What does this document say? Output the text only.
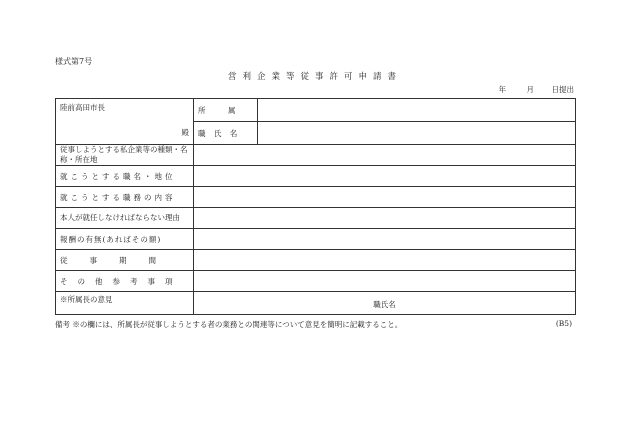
様式第7号
営利企業等従事許可申請書
年	月	日提出
陸前高田市長
殿	所 属	
	職 氏 名	
従事しようとする私企業等の種類・名称・所在地		
就こうとする職名・地位		
就こうとする職務の内容		
本人が就任しなければならない理由		
報酬の有無(あればその額)		
従事期間		
その他参考事項		
※所属長の意見	職氏名	
備考 ※の欄には、所属長が従事しようとする者の業務との関連等について意見を簡明に記載すること。	(B5)
